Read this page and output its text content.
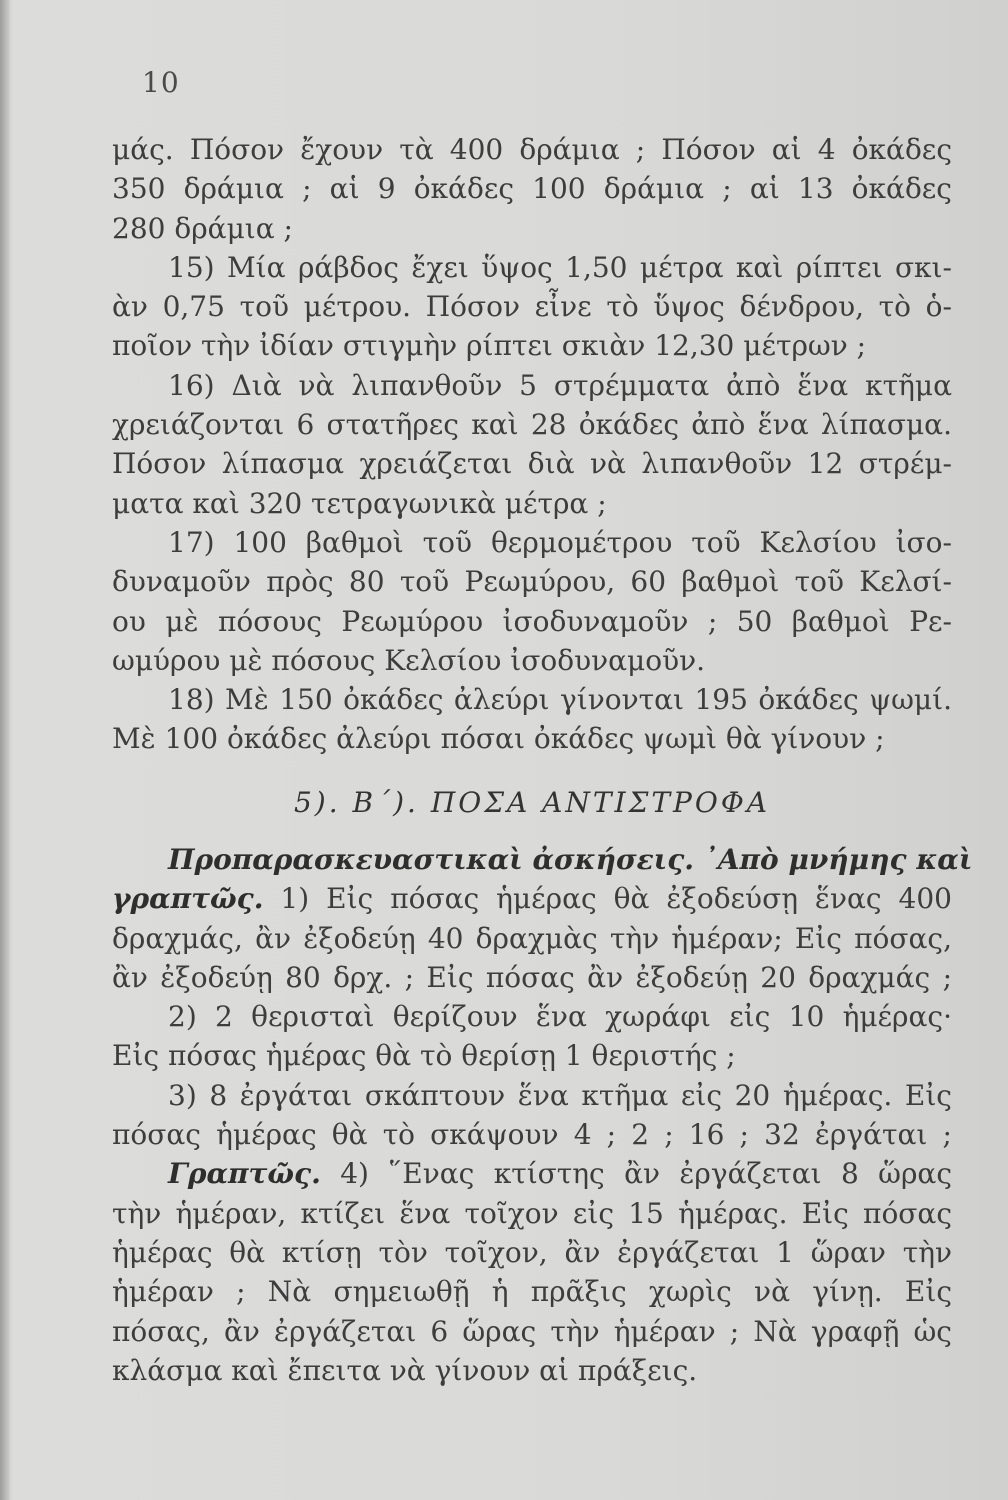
10
μάς. Πόσον ἔχουν τὰ 400 δράμια ; Πόσον αἱ 4 ὀκάδες
350 δράμια ; αἱ 9 ὀκάδες 100 δράμια ; αἱ 13 ὀκάδες
280 δράμια ;
15) Μία ράβδος ἔχει ὕψος 1,50 μέτρα καὶ ρίπτει σκι-
ὰν 0,75 τοῦ μέτρου. Πόσον εἶνε τὸ ὕψος δένδρου, τὸ ὁ-
ποῖον τὴν ἰδίαν στιγμὴν ρίπτει σκιὰν 12,30 μέτρων ;
16) Διὰ νὰ λιπανθοῦν 5 στρέμματα ἀπὸ ἕνα κτῆμα
χρειάζονται 6 στατῆρες καὶ 28 ὀκάδες ἀπὸ ἕνα λίπασμα.
Πόσον λίπασμα χρειάζεται διὰ νὰ λιπανθοῦν 12 στρέμ-
ματα καὶ 320 τετραγωνικὰ μέτρα ;
17) 100 βαθμοὶ τοῦ θερμομέτρου τοῦ Κελσίου ἰσο-
δυναμοῦν πρὸς 80 τοῦ Ρεωμύρου, 60 βαθμοὶ τοῦ Κελσί-
ου μὲ πόσους Ρεωμύρου ἰσοδυναμοῦν ; 50 βαθμοὶ Ρε-
ωμύρου μὲ πόσους Κελσίου ἰσοδυναμοῦν.
18) Μὲ 150 ὀκάδες ἀλεύρι γίνονται 195 ὀκάδες ψωμί.
Μὲ 100 ὀκάδες ἀλεύρι πόσαι ὀκάδες ψωμὶ θὰ γίνουν ;
5). Β΄). ΠΟΣΑ ΑΝΤΙΣΤΡΟΦΑ
Προπαρασκευαστικαὶ ἀσκήσεις. ᾿Απὸ μνήμης καὶ
γραπτῶς. 1) Εἰς πόσας ἡμέρας θὰ ἐξοδεύσῃ ἕνας 400
δραχμάς, ἂν ἐξοδεύῃ 40 δραχμὰς τὴν ἡμέραν; Εἰς πόσας,
ἂν ἐξοδεύῃ 80 δρχ. ; Εἰς πόσας ἂν ἐξοδεύῃ 20 δραχμάς ;
2) 2 θερισταὶ θερίζουν ἕνα χωράφι εἰς 10 ἡμέρας·
Εἰς πόσας ἡμέρας θὰ τὸ θερίσῃ 1 θεριστής ;
3) 8 ἐργάται σκάπτουν ἕνα κτῆμα εἰς 20 ἡμέρας. Εἰς
πόσας ἡμέρας θὰ τὸ σκάψουν 4 ; 2 ; 16 ; 32 ἐργάται ;
Γραπτῶς. 4) ῞Ενας κτίστης ἂν ἐργάζεται 8 ὥρας
τὴν ἡμέραν, κτίζει ἕνα τοῖχον εἰς 15 ἡμέρας. Εἰς πόσας
ἡμέρας θὰ κτίσῃ τὸν τοῖχον, ἂν ἐργάζεται 1 ὥραν τὴν
ἡμέραν ; Νὰ σημειωθῇ ἡ πρᾶξις χωρὶς νὰ γίνῃ. Εἰς
πόσας, ἂν ἐργάζεται 6 ὥρας τὴν ἡμέραν ; Νὰ γραφῇ ὡς
κλάσμα καὶ ἔπειτα νὰ γίνουν αἱ πράξεις.
